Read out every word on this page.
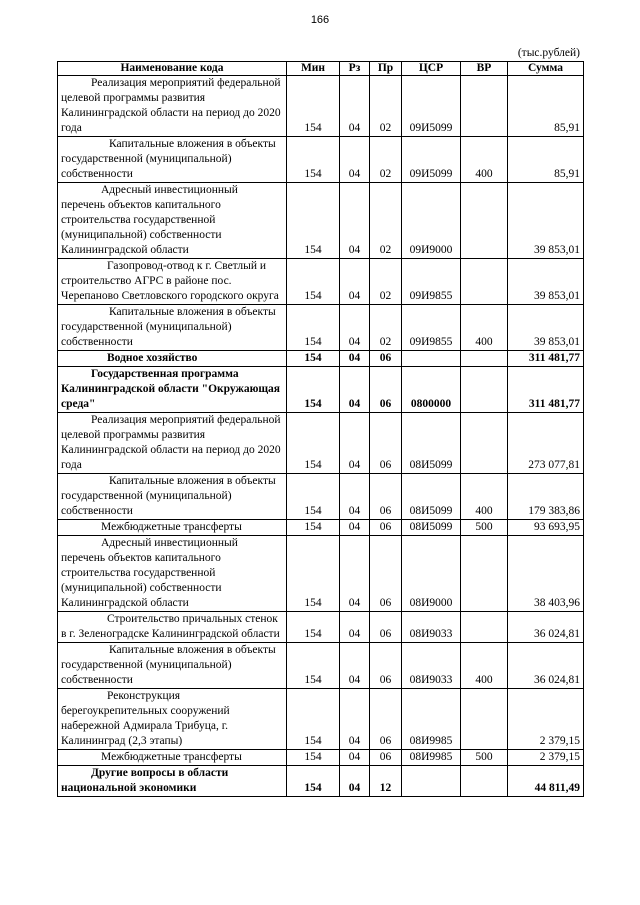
166
(тыс.рублей)
Наименование кода	Мин	Рз	Пр	ЦСР	ВР	Сумма
Реализация мероприятий федеральной целевой программы развития Калининградской области на период до 2020 года	154	04	02	09И5099		85,91
Капитальные вложения в объекты государственной (муниципальной) собственности	154	04	02	09И5099	400	85,91
Адресный инвестиционный перечень объектов капитального строительства государственной (муниципальной) собственности Калининградской области	154	04	02	09И9000		39 853,01
Газопровод-отвод к г. Светлый и строительство АГРС в районе пос. Черепаново Светловского городского округа	154	04	02	09И9855		39 853,01
Капитальные вложения в объекты государственной (муниципальной) собственности	154	04	02	09И9855	400	39 853,01
Водное хозяйство	154	04	06			311 481,77
Государственная программа Калининградской области "Окружающая среда"	154	04	06	0800000		311 481,77
Реализация мероприятий федеральной целевой программы развития Калининградской области на период до 2020 года	154	04	06	08И5099		273 077,81
Капитальные вложения в объекты государственной (муниципальной) собственности	154	04	06	08И5099	400	179 383,86
Межбюджетные трансферты	154	04	06	08И5099	500	93 693,95
Адресный инвестиционный перечень объектов капитального строительства государственной (муниципальной) собственности Калининградской области	154	04	06	08И9000		38 403,96
Строительство причальных стенок в г. Зеленоградске Калининградской области	154	04	06	08И9033		36 024,81
Капитальные вложения в объекты государственной (муниципальной) собственности	154	04	06	08И9033	400	36 024,81
Реконструкция берегоукрепительных сооружений набережной Адмирала Трибуца, г. Калининград (2,3 этапы)	154	04	06	08И9985		2 379,15
Межбюджетные трансферты	154	04	06	08И9985	500	2 379,15
Другие вопросы в области национальной экономики	154	04	12			44 811,49
